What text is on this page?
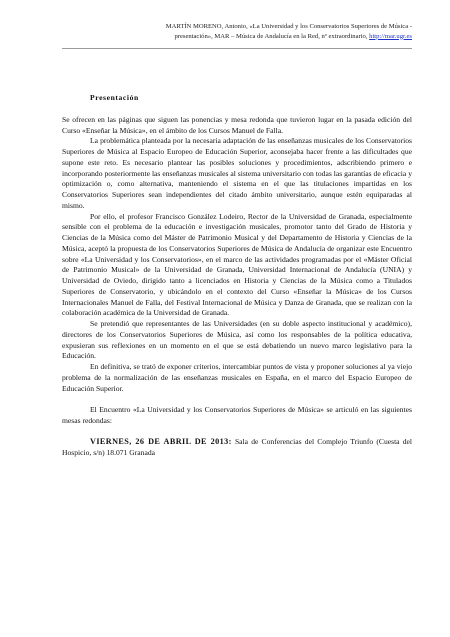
MARTÍN MORENO, Antonio, «La Universidad y los Conservatorios Superiores de Música -
presentación», MAR – Música de Andalucía en la Red, nº extraordinario, http://mar.ugr.es

Presentación

Se ofrecen en las páginas que siguen las ponencias y mesa redonda que tuvieron lugar en la pasada edición del Curso «Enseñar la Música», en el ámbito de los Cursos Manuel de Falla.

La problemática planteada por la necesaria adaptación de las enseñanzas musicales de los Conservatorios Superiores de Música al Espacio Europeo de Educación Superior, aconsejaba hacer frente a las dificultades que supone este reto. Es necesario plantear las posibles soluciones y procedimientos, adscribiendo primero e incorporando posteriormente las enseñanzas musicales al sistema universitario con todas las garantías de eficacia y optimización o, como alternativa, manteniendo el sistema en el que las titulaciones impartidas en los Conservatorios Superiores sean independientes del citado ámbito universitario, aunque estén equiparadas al mismo.

Por ello, el profesor Francisco González Lodeiro, Rector de la Universidad de Granada, especialmente sensible con el problema de la educación e investigación musicales, promotor tanto del Grado de Historia y Ciencias de la Música como del Máster de Patrimonio Musical y del Departamento de Historia y Ciencias de la Música, aceptó la propuesta de los Conservatorios Superiores de Música de Andalucía de organizar este Encuentro sobre «La Universidad y los Conservatorios», en el marco de las actividades programadas por el «Máster Oficial de Patrimonio Musical» de la Universidad de Granada, Universidad Internacional de Andalucía (UNIA) y Universidad de Oviedo, dirigido tanto a licenciados en Historia y Ciencias de la Música como a Titulados Superiores de Conservatorio, y ubicándolo en el contexto del Curso «Enseñar la Música» de los Cursos Internacionales Manuel de Falla, del Festival Internacional de Música y Danza de Granada, que se realizan con la colaboración académica de la Universidad de Granada.

Se pretendió que representantes de las Universidades (en su doble aspecto institucional y académico), directores de los Conservatorios Superiores de Música, así como los responsables de la política educativa, expusieran sus reflexiones en un momento en el que se está debatiendo un nuevo marco legislativo para la Educación.

En definitiva, se trató de exponer criterios, intercambiar puntos de vista y proponer soluciones al ya viejo problema de la normalización de las enseñanzas musicales en España, en el marco del Espacio Europeo de Educación Superior.

El Encuentro «La Universidad y los Conservatorios Superiores de Música» se articuló en las siguientes mesas redondas:

VIERNES, 26 DE ABRIL DE 2013: Sala de Conferencias del Complejo Triunfo (Cuesta del Hospicio, s/n) 18.071 Granada
